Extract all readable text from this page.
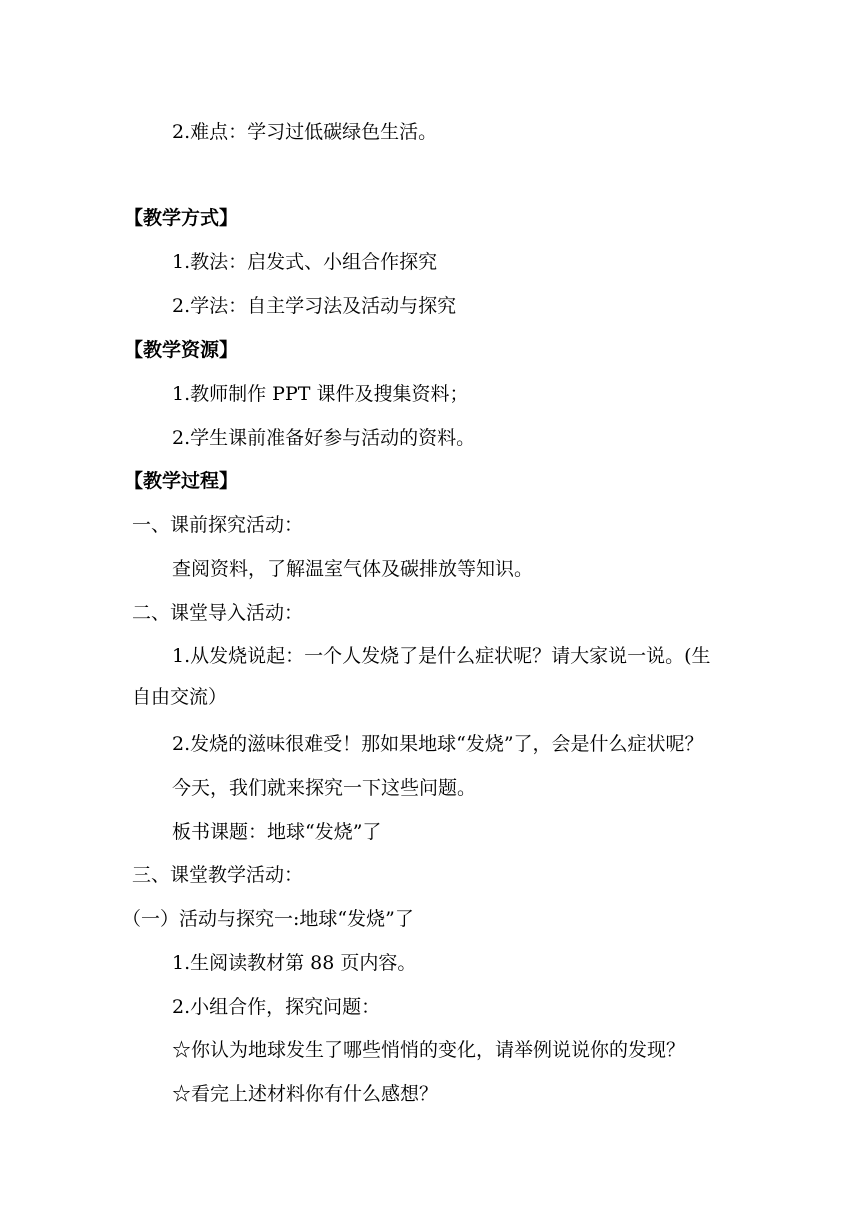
2.难点：学习过低碳绿色生活。
【教学方式】
1.教法：启发式、小组合作探究
2.学法：自主学习法及活动与探究
【教学资源】
1.教师制作 PPT 课件及搜集资料；
2.学生课前准备好参与活动的资料。
【教学过程】
一、课前探究活动：
查阅资料，了解温室气体及碳排放等知识。
二、课堂导入活动：
1.从发烧说起：一个人发烧了是什么症状呢？请大家说一说。(生
自由交流）
2.发烧的滋味很难受！那如果地球“发烧”了，会是什么症状呢？
今天，我们就来探究一下这些问题。
板书课题：地球“发烧”了
三、课堂教学活动：
（一）活动与探究一:地球“发烧”了
1.生阅读教材第 88 页内容。
2.小组合作，探究问题：
☆你认为地球发生了哪些悄悄的变化，请举例说说你的发现？
☆看完上述材料你有什么感想？
